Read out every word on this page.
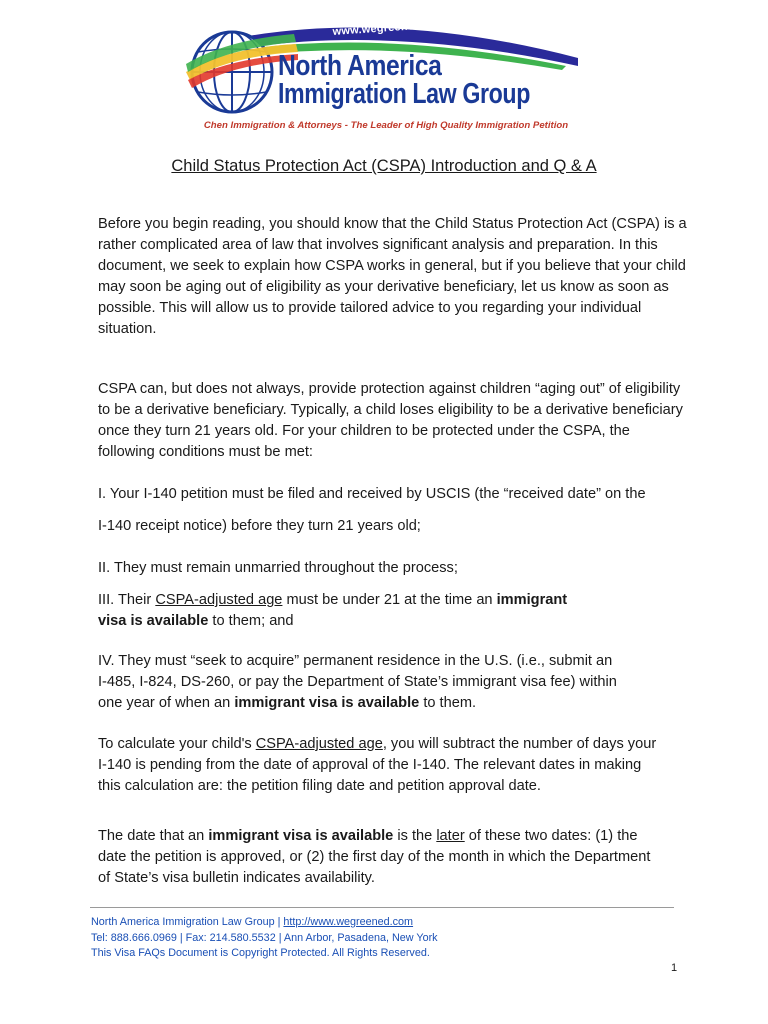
www.wegreened.com
North America
Immigration Law Group
Chen Immigration & Attorneys - The Leader of High Quality Immigration Petition
Child Status Protection Act (CSPA) Introduction and Q & A
Before you begin reading, you should know that the Child Status Protection Act (CSPA) is a rather complicated area of law that involves significant analysis and preparation. In this document, we seek to explain how CSPA works in general, but if you believe that your child may soon be aging out of eligibility as your derivative beneficiary, let us know as soon as possible. This will allow us to provide tailored advice to you regarding your individual situation.
CSPA can, but does not always, provide protection against children “aging out” of eligibility to be a derivative beneficiary. Typically, a child loses eligibility to be a derivative beneficiary once they turn 21 years old. For your children to be protected under the CSPA, the following conditions must be met:
I. Your I-140 petition must be filed and received by USCIS (the “received date” on the
I-140 receipt notice) before they turn 21 years old;
II. They must remain unmarried throughout the process;
III. Their CSPA-adjusted age must be under 21 at the time an immigrant
visa is available to them; and
IV. They must “seek to acquire” permanent residence in the U.S. (i.e., submit an
I-485, I-824, DS-260, or pay the Department of State’s immigrant visa fee) within
one year of when an immigrant visa is available to them.
To calculate your child's CSPA-adjusted age, you will subtract the number of days your
I-140 is pending from the date of approval of the I-140. The relevant dates in making
this calculation are: the petition filing date and petition approval date.
The date that an immigrant visa is available is the later of these two dates: (1) the
date the petition is approved, or (2) the first day of the month in which the Department
of State’s visa bulletin indicates availability.
North America Immigration Law Group | http://www.wegreened.com
Tel: 888.666.0969 | Fax: 214.580.5532 | Ann Arbor, Pasadena, New York
This Visa FAQs Document is Copyright Protected. All Rights Reserved.
1
